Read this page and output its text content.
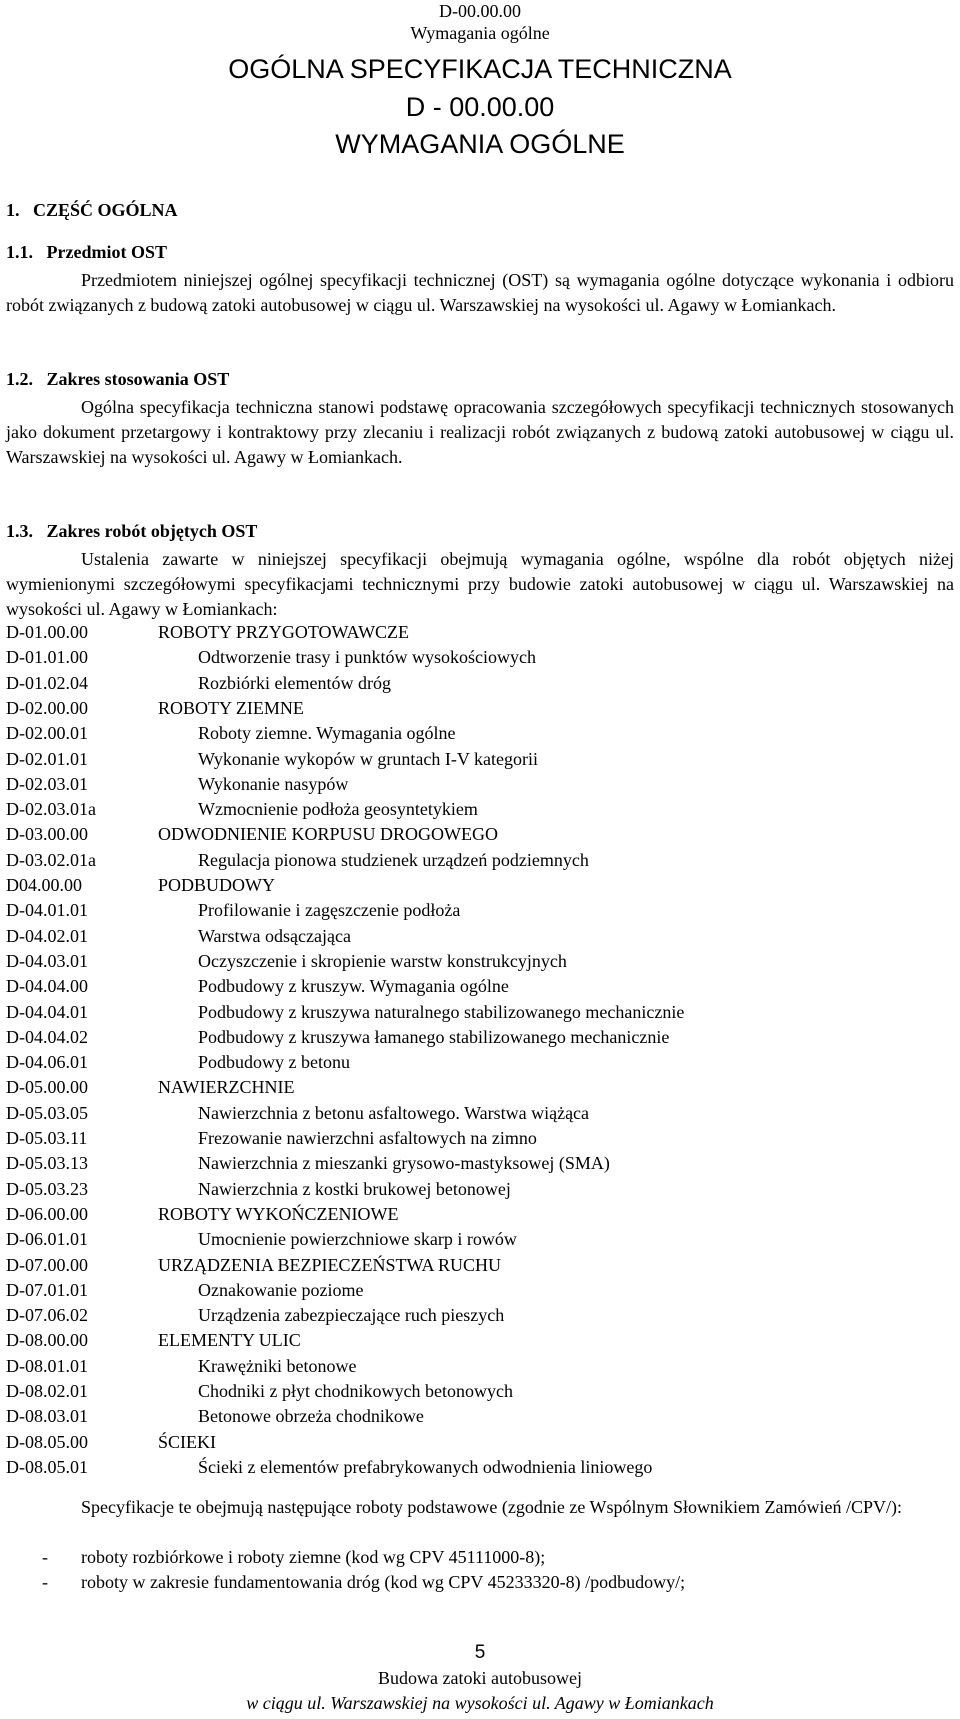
D-00.00.00
Wymagania ogólne
OGÓLNA SPECYFIKACJA TECHNICZNA
D - 00.00.00
WYMAGANIA OGÓLNE
1.   CZĘŚĆ OGÓLNA
1.1.   Przedmiot OST
Przedmiotem niniejszej ogólnej specyfikacji technicznej (OST) są wymagania ogólne dotyczące wykonania i odbioru robót związanych z budową zatoki autobusowej w ciągu ul. Warszawskiej na wysokości ul. Agawy w Łomiankach.
1.2.   Zakres stosowania OST
Ogólna specyfikacja techniczna stanowi podstawę opracowania szczegółowych specyfikacji technicznych stosowanych jako dokument przetargowy i kontraktowy przy zlecaniu i realizacji robót związanych z budową zatoki autobusowej w ciągu ul. Warszawskiej na wysokości ul. Agawy w Łomiankach.
1.3.   Zakres robót objętych OST
Ustalenia zawarte w niniejszej specyfikacji obejmują wymagania ogólne, wspólne dla robót objętych niżej wymienionymi szczegółowymi specyfikacjami technicznymi przy budowie zatoki autobusowej w ciągu ul. Warszawskiej na wysokości ul. Agawy w Łomiankach:
D-01.00.00	ROBOTY PRZYGOTOWAWCZE
D-01.01.00	Odtworzenie trasy i punktów wysokościowych
D-01.02.04	Rozbiórki elementów dróg
D-02.00.00	ROBOTY ZIEMNE
D-02.00.01	Roboty ziemne. Wymagania ogólne
D-02.01.01	Wykonanie wykopów w gruntach I-V kategorii
D-02.03.01	Wykonanie nasypów
D-02.03.01a	Wzmocnienie podłoża geosyntetykiem
D-03.00.00	ODWODNIENIE KORPUSU DROGOWEGO
D-03.02.01a	Regulacja pionowa studzienek urządzeń podziemnych
D04.00.00	PODBUDOWY
D-04.01.01	Profilowanie i zagęszczenie podłoża
D-04.02.01	Warstwa odsączająca
D-04.03.01	Oczyszczenie i skropienie warstw konstrukcyjnych
D-04.04.00	Podbudowy z kruszyw. Wymagania ogólne
D-04.04.01	Podbudowy z kruszywa naturalnego stabilizowanego mechanicznie
D-04.04.02	Podbudowy z kruszywa łamanego stabilizowanego mechanicznie
D-04.06.01	Podbudowy z betonu
D-05.00.00	NAWIERZCHNIE
D-05.03.05	Nawierzchnia z betonu asfaltowego. Warstwa wiążąca
D-05.03.11	Frezowanie nawierzchni asfaltowych na zimno
D-05.03.13	Nawierzchnia z mieszanki grysowo-mastyksowej (SMA)
D-05.03.23	Nawierzchnia z kostki brukowej betonowej
D-06.00.00	ROBOTY WYKOŃCZENIOWE
D-06.01.01	Umocnienie powierzchniowe skarp i rowów
D-07.00.00	URZĄDZENIA BEZPIECZEŃSTWA RUCHU
D-07.01.01	Oznakowanie poziome
D-07.06.02	Urządzenia zabezpieczające ruch pieszych
D-08.00.00	ELEMENTY ULIC
D-08.01.01	Krawężniki betonowe
D-08.02.01	Chodniki z płyt chodnikowych betonowych
D-08.03.01	Betonowe obrzeża chodnikowe
D-08.05.00	ŚCIEKI
D-08.05.01	Ścieki z elementów prefabrykowanych odwodnienia liniowego
Specyfikacje te obejmują następujące roboty podstawowe (zgodnie ze Wspólnym Słownikiem Zamówień /CPV/):
- roboty rozbiórkowe i roboty ziemne (kod wg CPV 45111000-8);
- roboty w zakresie fundamentowania dróg (kod wg CPV 45233320-8) /podbudowy/;
5
Budowa zatoki autobusowej
w ciągu ul. Warszawskiej na wysokości ul. Agawy w Łomiankach
